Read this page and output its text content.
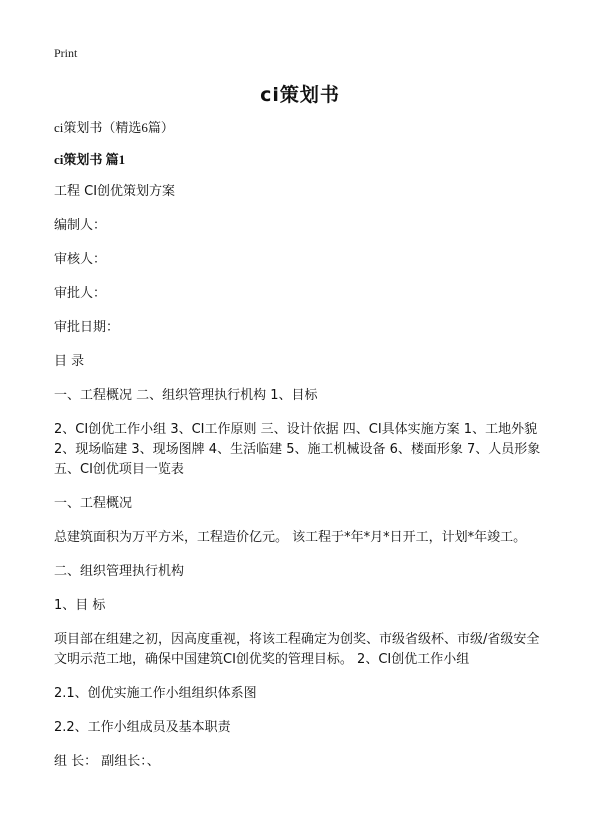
Print
ci策划书

ci策划书（精选6篇）

ci策划书 篇1

工程 CI创优策划方案

编制人：

审核人：

审批人：

审批日期：

目 录

一、工程概况 二、组织管理执行机构 1、目标

2、CI创优工作小组 3、CI工作原则 三、设计依据 四、CI具体实施方案 1、工地外貌 2、现场临建 3、现场图牌 4、生活临建 5、施工机械设备 6、楼面形象 7、人员形象 五、CI创优项目一览表

一、工程概况

总建筑面积为万平方米，工程造价亿元。 该工程于*年*月*日开工，计划*年竣工。

二、组织管理执行机构

1、目 标

项目部在组建之初，因高度重视，将该工程确定为创奖、市级省级杯、市级/省级安全文明示范工地，确保中国建筑CI创优奖的管理目标。 2、CI创优工作小组

2.1、创优实施工作小组组织体系图

2.2、工作小组成员及基本职责

组 长： 副组长：、
